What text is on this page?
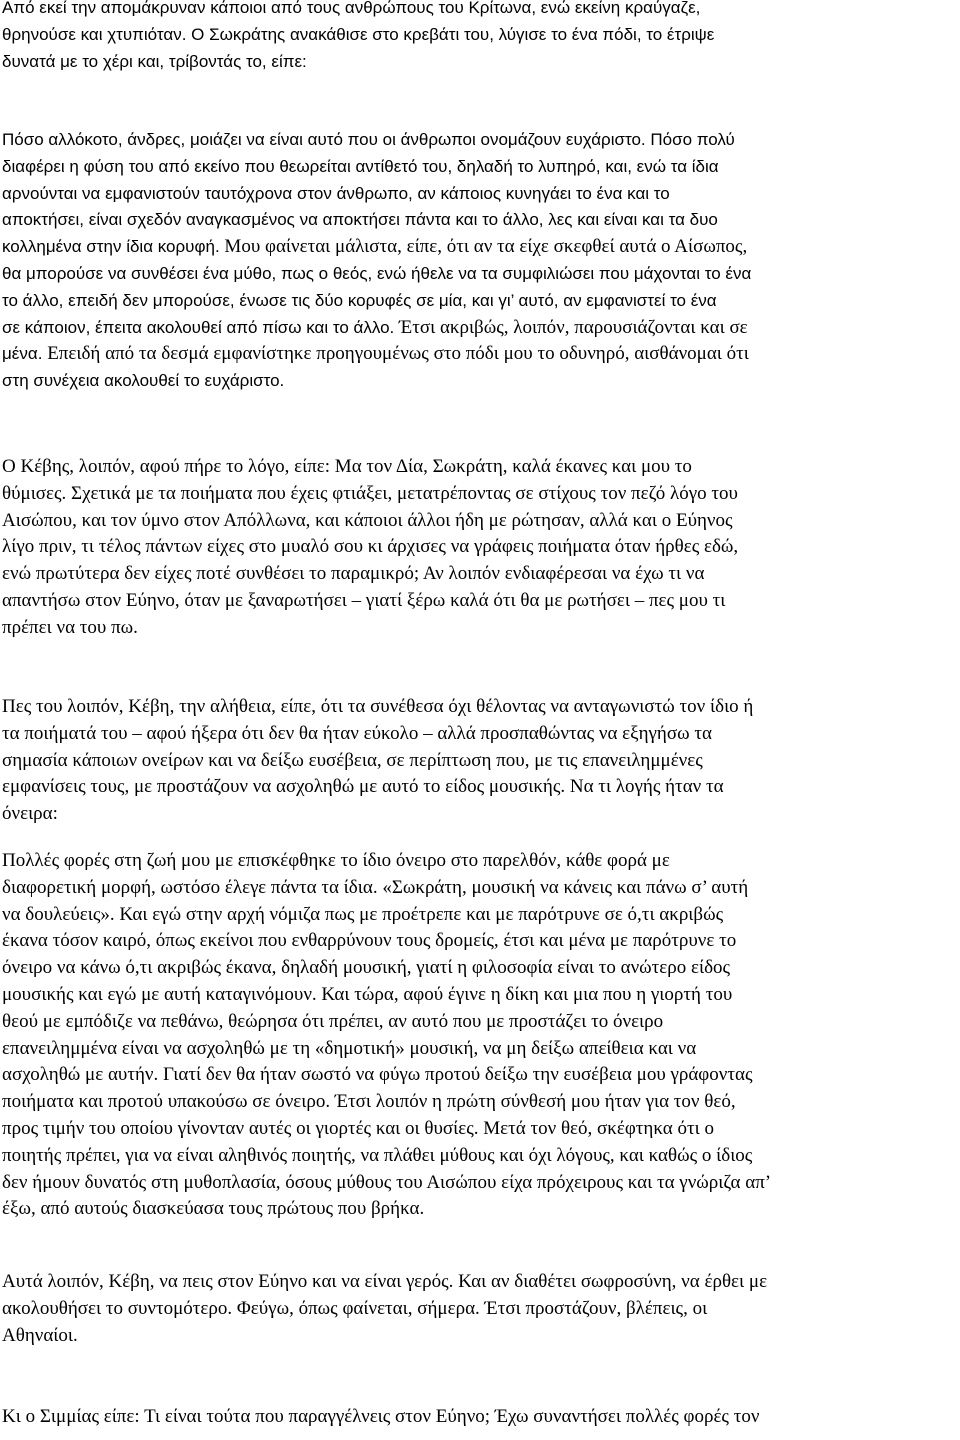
Από εκεί την απομάκρυναν κάποιοι από τους ανθρώπους του Κρίτωνα, ενώ εκείνη κραύγαζε,
θρηνούσε και χτυπιόταν. Ο Σωκράτης ανακάθισε στο κρεβάτι του, λύγισε το ένα πόδι, το έτριψε
δυνατά με το χέρι και, τρίβοντάς το, είπε:
Πόσο αλλόκοτο, άνδρες, μοιάζει να είναι αυτό που οι άνθρωποι ονομάζουν ευχάριστο. Πόσο πολύ
διαφέρει η φύση του από εκείνο που θεωρείται αντίθετό του, δηλαδή το λυπηρό, και, ενώ τα ίδια
αρνούνται να εμφανιστούν ταυτόχρονα στον άνθρωπο, αν κάποιος κυνηγάει το ένα και το
αποκτήσει, είναι σχεδόν αναγκασμένος να αποκτήσει πάντα και το άλλο, λες και είναι και τα δυο
κολλημένα στην ίδια κορυφή. Μου φαίνεται μάλιστα, είπε, ότι αν τα είχε σκεφθεί αυτά ο Αίσωπος,
θα μπορούσε να συνθέσει ένα μύθο, πως ο θεός, ενώ ήθελε να τα συμφιλιώσει που μάχονται το ένα
το άλλο, επειδή δεν μπορούσε, ένωσε τις δύο κορυφές σε μία, και γι’ αυτό, αν εμφανιστεί το ένα
σε κάποιον, έπειτα ακολουθεί από πίσω και το άλλο. Έτσι ακριβώς, λοιπόν, παρουσιάζονται και σε
μένα. Επειδή από τα δεσμά εμφανίστηκε προηγουμένως στο πόδι μου το οδυνηρό, αισθάνομαι ότι
στη συνέχεια ακολουθεί το ευχάριστο.
Ο Κέβης, λοιπόν, αφού πήρε το λόγο, είπε: Μα τον Δία, Σωκράτη, καλά έκανες και μου το
θύμισες. Σχετικά με τα ποιήματα που έχεις φτιάξει, μετατρέποντας σε στίχους τον πεζό λόγο του
Αισώπου, και τον ύμνο στον Απόλλωνα, και κάποιοι άλλοι ήδη με ρώτησαν, αλλά και ο Εύηνος
λίγο πριν, τι τέλος πάντων είχες στο μυαλό σου κι άρχισες να γράφεις ποιήματα όταν ήρθες εδώ,
ενώ πρωτύτερα δεν είχες ποτέ συνθέσει το παραμικρό; Αν λοιπόν ενδιαφέρεσαι να έχω τι να
απαντήσω στον Εύηνο, όταν με ξαναρωτήσει – γιατί ξέρω καλά ότι θα με ρωτήσει – πες μου τι
πρέπει να του πω.
Πες του λοιπόν, Κέβη, την αλήθεια, είπε, ότι τα συνέθεσα όχι θέλοντας να ανταγωνιστώ τον ίδιο ή
τα ποιήματά του – αφού ήξερα ότι δεν θα ήταν εύκολο – αλλά προσπαθώντας να εξηγήσω τα
σημασία κάποιων ονείρων και να δείξω ευσέβεια, σε περίπτωση που, με τις επανειλημμένες
εμφανίσεις τους, με προστάζουν να ασχοληθώ με αυτό το είδος μουσικής. Να τι λογής ήταν τα
όνειρα:
Πολλές φορές στη ζωή μου με επισκέφθηκε το ίδιο όνειρο στο παρελθόν, κάθε φορά με
διαφορετική μορφή, ωστόσο έλεγε πάντα τα ίδια. «Σωκράτη, μουσική να κάνεις και πάνω σ’ αυτή
να δουλεύεις». Και εγώ στην αρχή νόμιζα πως με προέτρεπε και με παρότρυνε σε ό,τι ακριβώς
έκανα τόσον καιρό, όπως εκείνοι που ενθαρρύνουν τους δρομείς, έτσι και μένα με παρότρυνε το
όνειρο να κάνω ό,τι ακριβώς έκανα, δηλαδή μουσική, γιατί η φιλοσοφία είναι το ανώτερο είδος
μουσικής και εγώ με αυτή καταγινόμουν. Και τώρα, αφού έγινε η δίκη και μια που η γιορτή του
θεού με εμπόδιζε να πεθάνω, θεώρησα ότι πρέπει, αν αυτό που με προστάζει το όνειρο
επανειλημμένα είναι να ασχοληθώ με τη «δημοτική» μουσική, να μη δείξω απείθεια και να
ασχοληθώ με αυτήν. Γιατί δεν θα ήταν σωστό να φύγω προτού δείξω την ευσέβεια μου γράφοντας
ποιήματα και προτού υπακούσω σε όνειρο. Έτσι λοιπόν η πρώτη σύνθεσή μου ήταν για τον θεό,
προς τιμήν του οποίου γίνονταν αυτές οι γιορτές και οι θυσίες. Μετά τον θεό, σκέφτηκα ότι ο
ποιητής πρέπει, για να είναι αληθινός ποιητής, να πλάθει μύθους και όχι λόγους, και καθώς ο ίδιος
δεν ήμουν δυνατός στη μυθοπλασία, όσους μύθους του Αισώπου είχα πρόχειρους και τα γνώριζα απ’
έξω, από αυτούς διασκεύασα τους πρώτους που βρήκα.
Αυτά λοιπόν, Κέβη, να πεις στον Εύηνο και να είναι γερός. Και αν διαθέτει σωφροσύνη, να έρθει με
ακολουθήσει το συντομότερο. Φεύγω, όπως φαίνεται, σήμερα. Έτσι προστάζουν, βλέπεις, οι
Αθηναίοι.
Κι ο Σιμμίας είπε: Τι είναι τούτα που παραγγέλνεις στον Εύηνο; Έχω συναντήσει πολλές φορές τον
